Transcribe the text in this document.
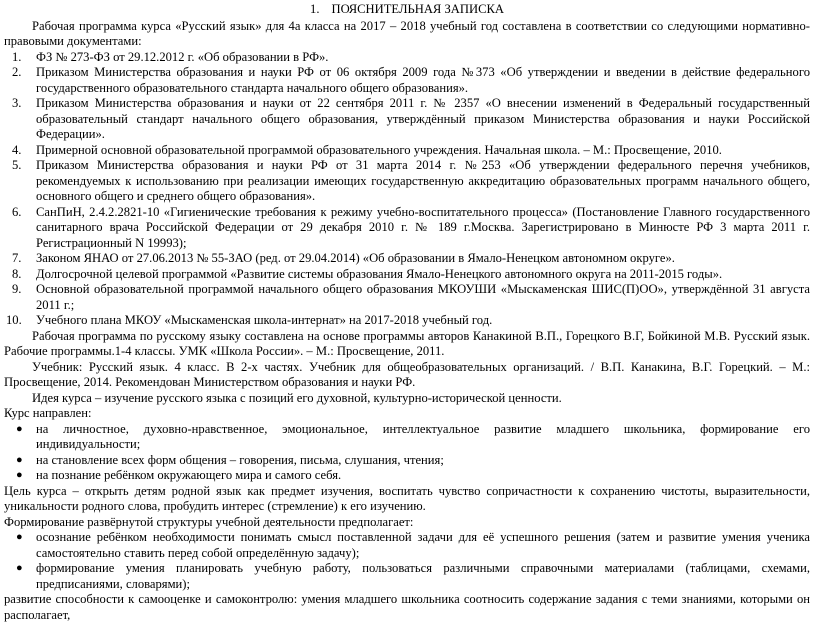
1. ПОЯСНИТЕЛЬНАЯ ЗАПИСКА

Рабочая программа курса «Русский язык» для 4а класса на 2017 – 2018 учебный год составлена в соответствии со следующими нормативно-правовыми документами:

1. ФЗ № 273-ФЗ от 29.12.2012 г. «Об образовании в РФ».
2. Приказом Министерства образования и науки РФ от 06 октября 2009 года №373 «Об утверждении и введении в действие федерального государственного образовательного стандарта начального общего образования».
3. Приказом Министерства образования и науки от 22 сентября 2011 г. № 2357 «О внесении изменений в Федеральный государственный образовательный стандарт начального общего образования, утверждённый приказом Министерства образования и науки Российской Федерации».
4. Примерной основной образовательной программой образовательного учреждения. Начальная школа. – М.: Просвещение, 2010.
5. Приказом Министерства образования и науки РФ от 31 марта 2014 г. №253 «Об утверждении федерального перечня учебников, рекомендуемых к использованию при реализации имеющих государственную аккредитацию образовательных программ начального общего, основного общего и среднего общего образования».
6. СанПиН, 2.4.2.2821-10 «Гигиенические требования к режиму учебно-воспитательного процесса» (Постановление Главного государственного санитарного врача Российской Федерации от 29 декабря 2010 г. № 189 г.Москва. Зарегистрировано в Минюсте РФ 3 марта 2011 г. Регистрационный N 19993);
7. Законом ЯНАО от 27.06.2013 № 55-ЗАО (ред. от 29.04.2014) «Об образовании в Ямало-Ненецком автономном округе».
8. Долгосрочной целевой программой «Развитие системы образования Ямало-Ненецкого автономного округа на 2011-2015 годы».
9. Основной образовательной программой начального общего образования МКОУШИ «Мыскаменская ШИС(П)ОО», утверждённой 31 августа 2011 г.;
10. Учебного плана МКОУ «Мыскаменская школа-интернат» на 2017-2018 учебный год.

Рабочая программа по русскому языку составлена на основе программы авторов Канакиной В.П., Горецкого В.Г, Бойкиной М.В. Русский язык. Рабочие программы.1-4 классы. УМК «Школа России». – М.: Просвещение, 2011.

Учебник: Русский язык. 4 класс. В 2-х частях. Учебник для общеобразовательных организаций. / В.П. Канакина, В.Г. Горецкий. – М.: Просвещение, 2014. Рекомендован Министерством образования и науки РФ.

Идея курса – изучение русского языка с позиций его духовной, культурно-исторической ценности.

Курс направлен:

● на личностное, духовно-нравственное, эмоциональное, интеллектуальное развитие младшего школьника, формирование его индивидуальности;
● на становление всех форм общения – говорения, письма, слушания, чтения;
● на познание ребёнком окружающего мира и самого себя.

Цель курса – открыть детям родной язык как предмет изучения, воспитать чувство сопричастности к сохранению чистоты, выразительности, уникальности родного слова, пробудить интерес (стремление) к его изучению.

Формирование развёрнутой структуры учебной деятельности предполагает:

● осознание ребёнком необходимости понимать смысл поставленной задачи для её успешного решения (затем и развитие умения ученика самостоятельно ставить перед собой определённую задачу);
● формирование умения планировать учебную работу, пользоваться различными справочными материалами (таблицами, схемами, предписаниями, словарями);

развитие способности к самооценке и самоконтролю: умения младшего школьника соотносить содержание задания с теми знаниями, которыми он располагает,
